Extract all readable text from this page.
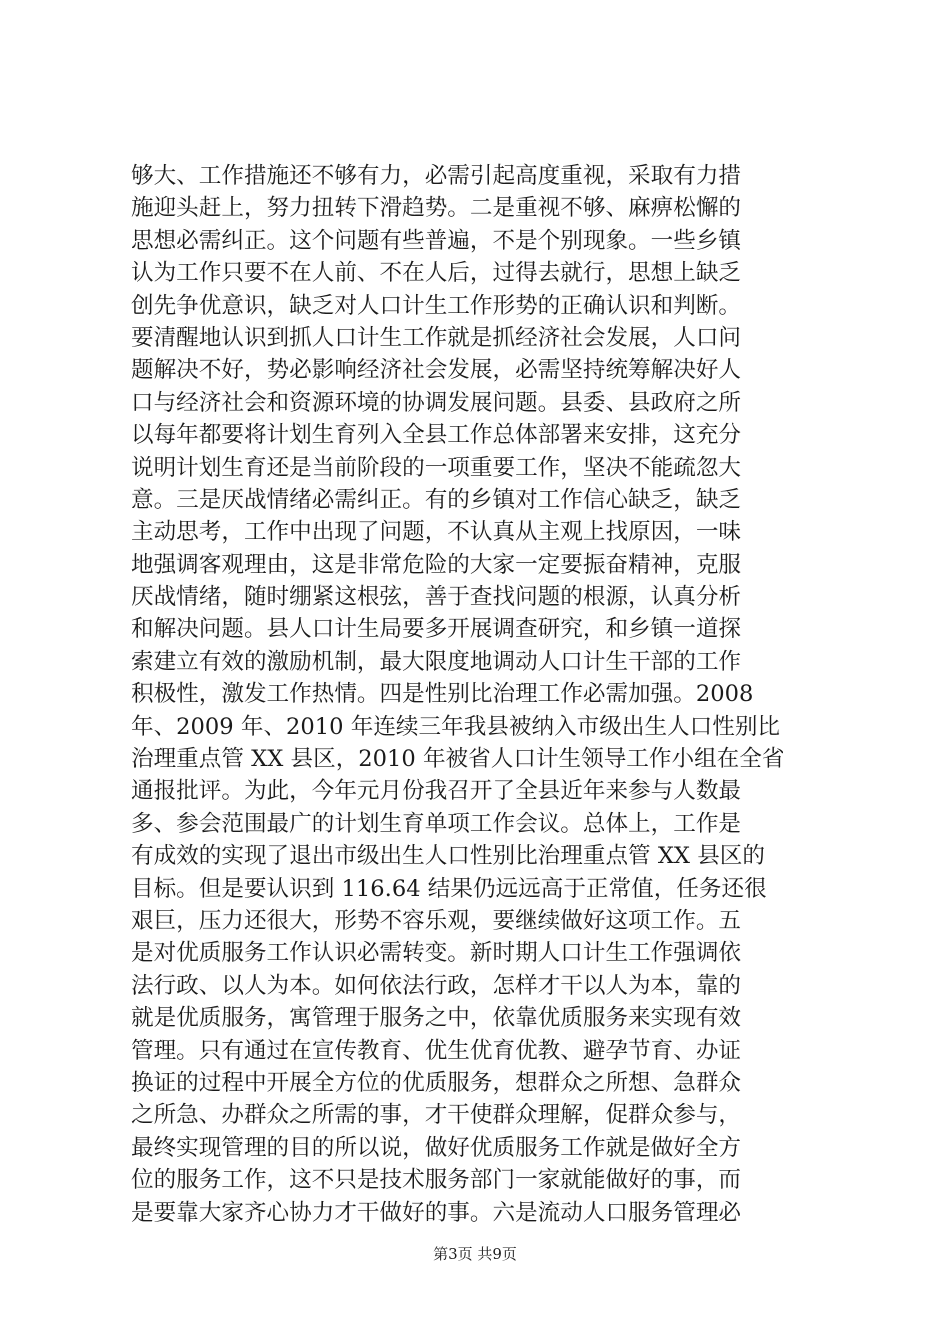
够大、工作措施还不够有力，必需引起高度重视，采取有力措
施迎头赶上，努力扭转下滑趋势。二是重视不够、麻痹松懈的
思想必需纠正。这个问题有些普遍，不是个别现象。一些乡镇
认为工作只要不在人前、不在人后，过得去就行，思想上缺乏
创先争优意识，缺乏对人口计生工作形势的正确认识和判断。
要清醒地认识到抓人口计生工作就是抓经济社会发展，人口问
题解决不好，势必影响经济社会发展，必需坚持统筹解决好人
口与经济社会和资源环境的协调发展问题。县委、县政府之所
以每年都要将计划生育列入全县工作总体部署来安排，这充分
说明计划生育还是当前阶段的一项重要工作，坚决不能疏忽大
意。三是厌战情绪必需纠正。有的乡镇对工作信心缺乏，缺乏
主动思考，工作中出现了问题，不认真从主观上找原因，一味
地强调客观理由，这是非常危险的大家一定要振奋精神，克服
厌战情绪，随时绷紧这根弦，善于查找问题的根源，认真分析
和解决问题。县人口计生局要多开展调查研究，和乡镇一道探
索建立有效的激励机制，最大限度地调动人口计生干部的工作
积极性，激发工作热情。四是性别比治理工作必需加强。2008
年、2009 年、2010 年连续三年我县被纳入市级出生人口性别比
治理重点管 XX 县区，2010 年被省人口计生领导工作小组在全省
通报批评。为此，今年元月份我召开了全县近年来参与人数最
多、参会范围最广的计划生育单项工作会议。总体上，工作是
有成效的实现了退出市级出生人口性别比治理重点管 XX 县区的
目标。但是要认识到 116.64 结果仍远远高于正常值，任务还很
艰巨，压力还很大，形势不容乐观，要继续做好这项工作。五
是对优质服务工作认识必需转变。新时期人口计生工作强调依
法行政、以人为本。如何依法行政，怎样才干以人为本，靠的
就是优质服务，寓管理于服务之中，依靠优质服务来实现有效
管理。只有通过在宣传教育、优生优育优教、避孕节育、办证
换证的过程中开展全方位的优质服务，想群众之所想、急群众
之所急、办群众之所需的事，才干使群众理解，促群众参与，
最终实现管理的目的所以说，做好优质服务工作就是做好全方
位的服务工作，这不只是技术服务部门一家就能做好的事，而
是要靠大家齐心协力才干做好的事。六是流动人口服务管理必
第3页 共9页
